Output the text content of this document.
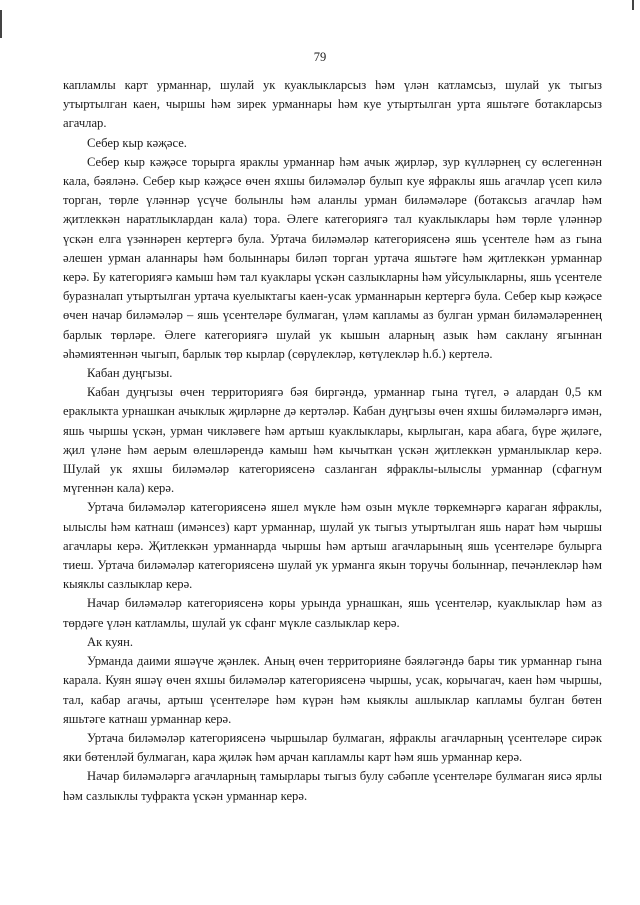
79

капламлы карт урманнар, шулай ук куаклыкларсыз һәм үлән катламсыз, шулай ук тыгыз утыртылган каен, чыршы һәм зирек урманнары һәм куе утыртылган урта яшьтәге ботакларсыз агачлар.

Себер кыр кәҗәсе.

Себер кыр кәҗәсе торырга яраклы урманнар һәм ачык җирләр, зур күлләрнең су өслегеннән кала, бәяләнә. Себер кыр кәҗәсе өчен яхшы биләмәләр булып куе яфраклы яшь агачлар үсеп килә торган, төрле үләннәр үсүче болынлы һәм аланлы урман биләмәләре (ботаксыз агачлар һәм җитлеккән наратлыклардан кала) тора. Әлеге категориягә тал куаклыклары һәм төрле үләннәр үскән елга үзәннәрен кертергә була. Уртача биләмәләр категориясенә яшь үсентеле һәм аз гына әлешен урман аланнары һәм болыннары биләп торган уртача яшьтәге һәм җитлеккән урманнар керә. Бу категориягә камыш һәм тал куаклары үскән сазлыкларны һәм уйсулыкларны, яшь үсентеле буразналап утыртылган уртача куелыктагы каен-усак урманнарын кертергә була. Себер кыр кәҗәсе өчен начар биләмәләр – яшь үсентеләре булмаган, үләм капламы аз булган урман биләмәләреннең барлык төрләре. Әлеге категориягә шулай ук кышын аларның азык һәм саклану ягыннан әһәмиятеннән чыгып, барлык төр кырлар (сөрүлекләр, көтүлекләр һ.б.) кертелә.

Кабан дуңгызы.

Кабан дуңгызы өчен территориягә бәя биргәндә, урманнар гына түгел, ә алардан 0,5 км ераклыкта урнашкан ачыклык җирләрне дә кертәләр. Кабан дуңгызы өчен яхшы биләмәләргә имән, яшь чыршы үскән, урман чикләвеге һәм артыш куаклыклары, кырлыган, кара абага, бүре җиләге, җил үләне һәм аерым өлешләрендә камыш һәм кычыткан үскән җитлеккән урманлыклар керә. Шулай ук яхшы биләмәләр категориясенә сазланган яфраклы-ылыслы урманнар (сфагнум мүгеннән кала) керә.

Уртача биләмәләр категориясенә яшел мүкле һәм озын мүкле төркемнәргә караган яфраклы, ылыслы һәм катнаш (имәнсез) карт урманнар, шулай ук тыгыз утыртылган яшь нарат һәм чыршы агачлары керә. Җитлеккән урманнарда чыршы һәм артыш агачларының яшь үсентеләре булырга тиеш. Уртача биләмәләр категориясенә шулай ук урманга якын торучы болыннар, печәнлекләр һәм кыяклы сазлыклар керә.

Начар биләмәләр категориясенә коры урында урнашкан, яшь үсентеләр, куаклыклар һәм аз төрдәге үлән катламлы, шулай ук сфанг мүкле сазлыклар керә.

Ак куян.

Урманда даими яшәүче җәнлек. Аның өчен территорияне бәяләгәндә бары тик урманнар гына карала. Куян яшәү өчен яхшы биләмәләр категориясенә чыршы, усак, корычагач, каен һәм чыршы, тал, кабар агачы, артыш үсентеләре һәм күрән һәм кыяклы ашлыклар капламы булган бөтен яшьтәге катнаш урманнар керә.

Уртача биләмәләр категориясенә чыршылар булмаган, яфраклы агачларның үсентеләре сирәк яки бөтенләй булмаган, кара җиләк һәм арчан капламлы карт һәм яшь урманнар керә.

Начар биләмәләргә агачларның тамырлары тыгыз булу сәбәпле үсентеләре булмаган яисә ярлы һәм сазлыклы туфракта үскән урманнар керә.
